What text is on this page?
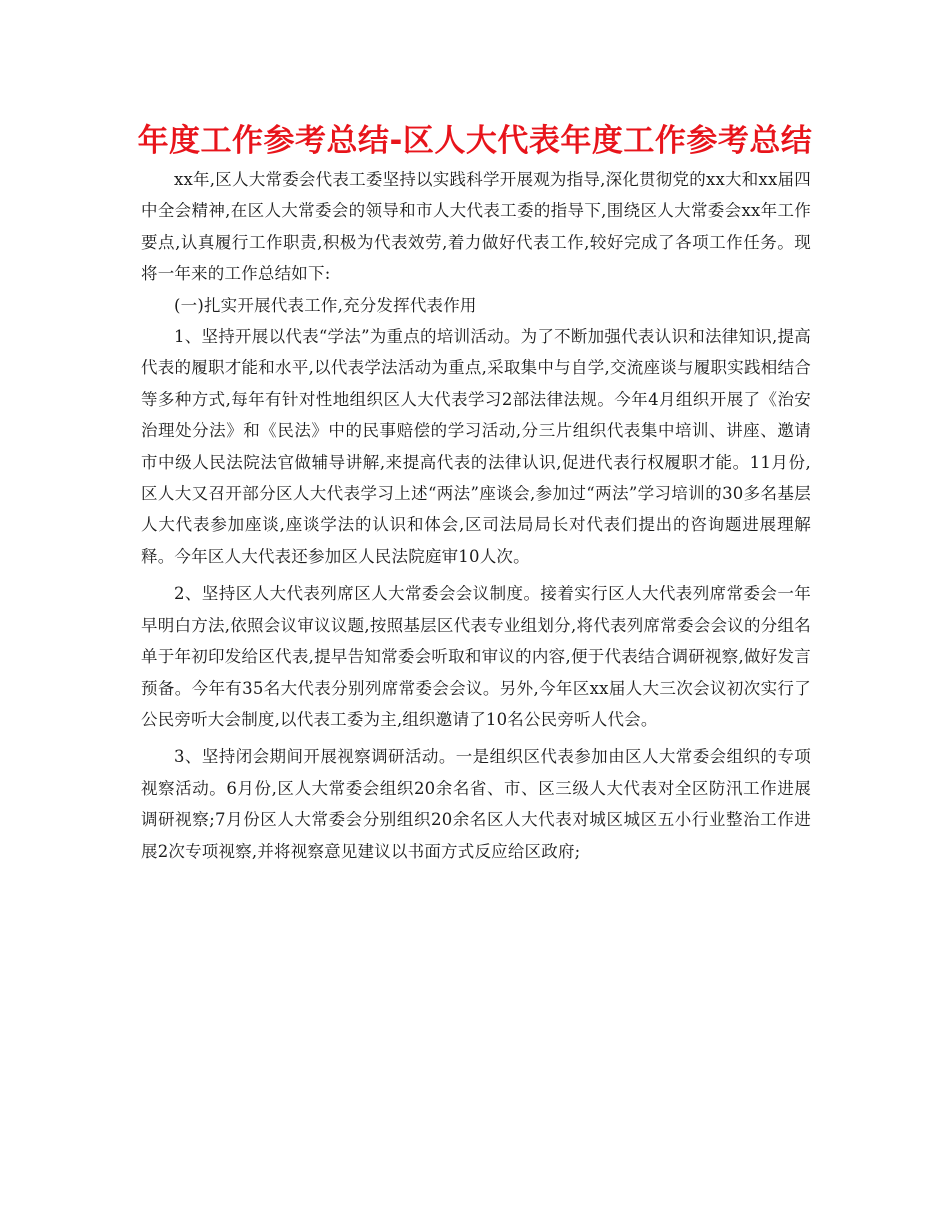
年度工作参考总结-区人大代表年度工作参考总结

xx年,区人大常委会代表工委坚持以实践科学开展观为指导,深化贯彻党的xx大和xx届四中全会精神,在区人大常委会的领导和市人大代表工委的指导下,围绕区人大常委会xx年工作要点,认真履行工作职责,积极为代表效劳,着力做好代表工作,较好完成了各项工作任务。现将一年来的工作总结如下:

(一)扎实开展代表工作,充分发挥代表作用

1、坚持开展以代表“学法”为重点的培训活动。为了不断加强代表认识和法律知识,提高代表的履职才能和水平,以代表学法活动为重点,采取集中与自学,交流座谈与履职实践相结合等多种方式,每年有针对性地组织区人大代表学习2部法律法规。今年4月组织开展了《治安治理处分法》和《民法》中的民事赔偿的学习活动,分三片组织代表集中培训、讲座、邀请市中级人民法院法官做辅导讲解,来提高代表的法律认识,促进代表行权履职才能。11月份,区人大又召开部分区人大代表学习上述“两法”座谈会,参加过“两法”学习培训的30多名基层人大代表参加座谈,座谈学法的认识和体会,区司法局局长对代表们提出的咨询题进展理解释。今年区人大代表还参加区人民法院庭审10人次。

2、坚持区人大代表列席区人大常委会会议制度。接着实行区人大代表列席常委会一年早明白方法,依照会议审议议题,按照基层区代表专业组划分,将代表列席常委会会议的分组名单于年初印发给区代表,提早告知常委会听取和审议的内容,便于代表结合调研视察,做好发言预备。今年有35名大代表分别列席常委会会议。另外,今年区xx届人大三次会议初次实行了公民旁听大会制度,以代表工委为主,组织邀请了10名公民旁听人代会。

3、坚持闭会期间开展视察调研活动。一是组织区代表参加由区人大常委会组织的专项视察活动。6月份,区人大常委会组织20余名省、市、区三级人大代表对全区防汛工作进展调研视察;7月份区人大常委会分别组织20余名区人大代表对城区城区五小行业整治工作进展2次专项视察,并将视察意见建议以书面方式反应给区政府;
